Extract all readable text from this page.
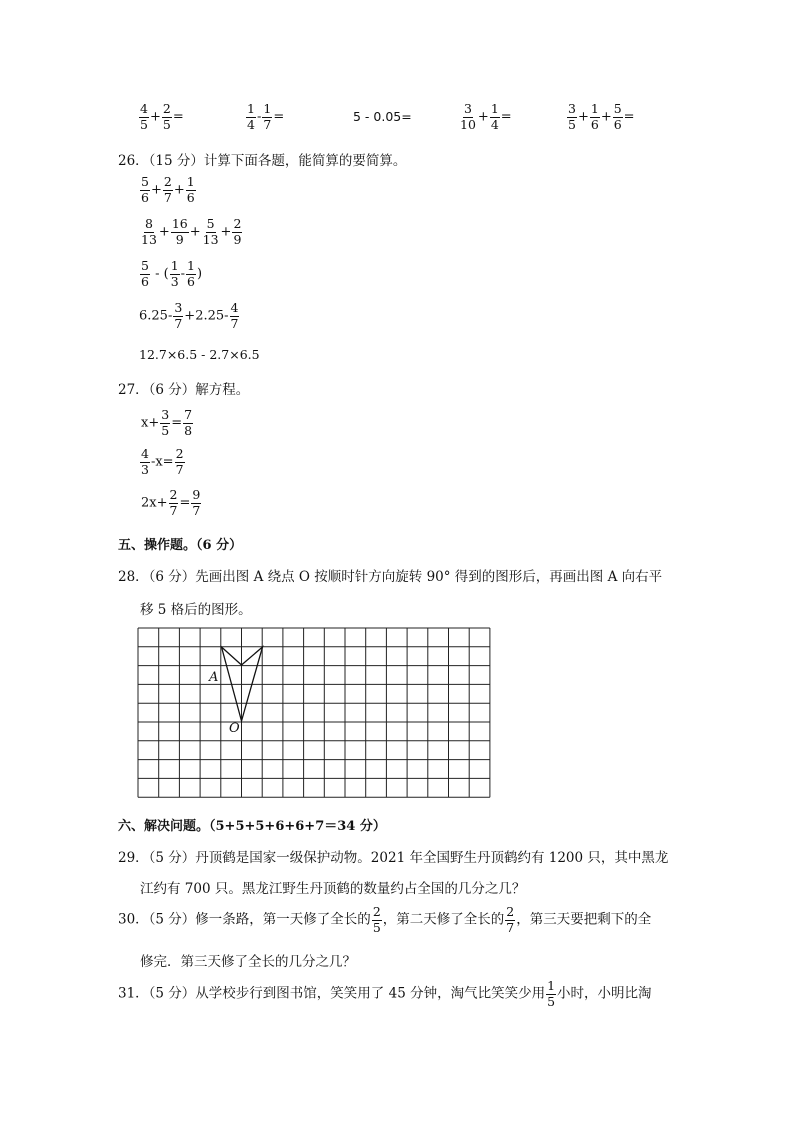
$\frac{4}{5} + \frac{2}{5}$ =	$\frac{1}{4} - \frac{1}{7}$ =	5 - 0.05=	$\frac{3}{10} + \frac{1}{4}$ =	$\frac{3}{5} + \frac{1}{6} + \frac{5}{6}$ =
26．（15 分）计算下面各题，能简算的要简算。
$\frac{5}{6} + \frac{2}{7} + \frac{1}{6}$
$\frac{8}{13} + \frac{16}{9} + \frac{5}{13} + \frac{2}{9}$
$\frac{5}{6}$ - ( $\frac{1}{3} - \frac{1}{6}$ )
$6.25- \frac{3}{7} +2.25- \frac{4}{7}$
12.7×6.5 - 2.7×6.5
27．（6 分）解方程。
$x+ \frac{3}{5} = \frac{7}{8}$
$\frac{4}{3} -x= \frac{2}{7}$
$2x+ \frac{2}{7} = \frac{9}{7}$
五、操作题。（6 分）
28．（6 分）先画出图 A 绕点 O 按顺时针方向旋转 90° 得到的图形后，再画出图 A 向右平
移 5 格后的图形。
A
O
六、解决问题。（5+5+5+6+6+7＝34 分）
29．（5 分）丹顶鹤是国家一级保护动物。2021 年全国野生丹顶鹤约有 1200 只，其中黑龙
江约有 700 只。黑龙江野生丹顶鹤的数量约占全国的几分之几？
30．（5 分）修一条路，第一天修了全长的 $\frac{2}{5}$ ，第二天修了全长的 $\frac{2}{7}$ ，第三天要把剩下的全
修完．第三天修了全长的几分之几？
31．（5 分）从学校步行到图书馆，笑笑用了 45 分钟，淘气比笑笑少用 $\frac{1}{5}$ 小时，小明比淘
